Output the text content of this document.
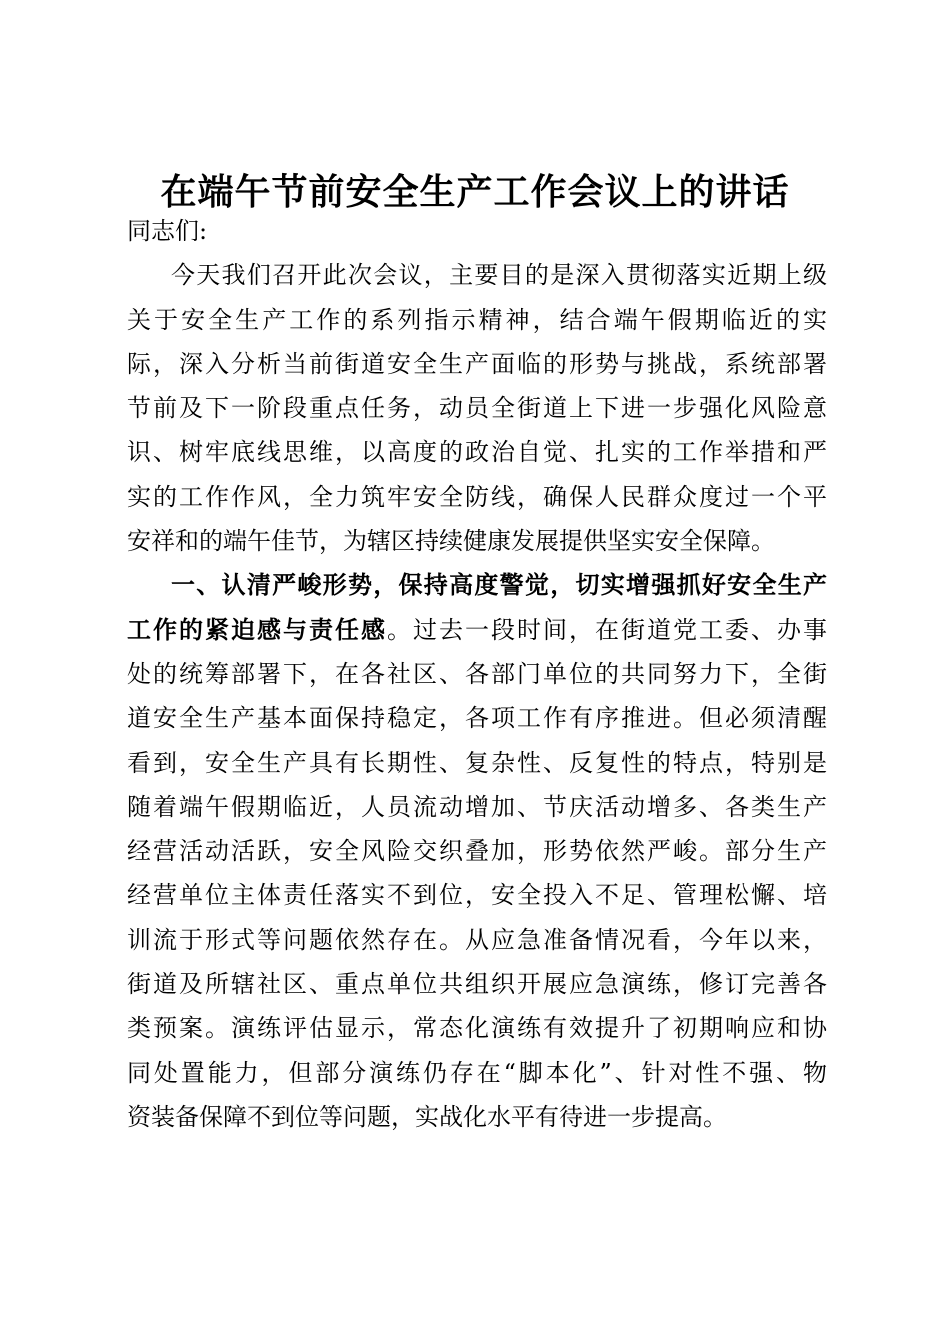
在端午节前安全生产工作会议上的讲话
同志们:
今天我们召开此次会议，主要目的是深入贯彻落实近期上级
关于安全生产工作的系列指示精神，结合端午假期临近的实
际，深入分析当前街道安全生产面临的形势与挑战，系统部署
节前及下一阶段重点任务，动员全街道上下进一步强化风险意
识、树牢底线思维，以高度的政治自觉、扎实的工作举措和严
实的工作作风，全力筑牢安全防线，确保人民群众度过一个平
安祥和的端午佳节，为辖区持续健康发展提供坚实安全保障。
一、认清严峻形势，保持高度警觉，切实增强抓好安全生产
工作的紧迫感与责任感。过去一段时间，在街道党工委、办事
处的统筹部署下，在各社区、各部门单位的共同努力下，全街
道安全生产基本面保持稳定，各项工作有序推进。但必须清醒
看到，安全生产具有长期性、复杂性、反复性的特点，特别是
随着端午假期临近，人员流动增加、节庆活动增多、各类生产
经营活动活跃，安全风险交织叠加，形势依然严峻。部分生产
经营单位主体责任落实不到位，安全投入不足、管理松懈、培
训流于形式等问题依然存在。从应急准备情况看，今年以来，
街道及所辖社区、重点单位共组织开展应急演练，修订完善各
类预案。演练评估显示，常态化演练有效提升了初期响应和协
同处置能力，但部分演练仍存在“脚本化”、针对性不强、物
资装备保障不到位等问题，实战化水平有待进一步提高。
